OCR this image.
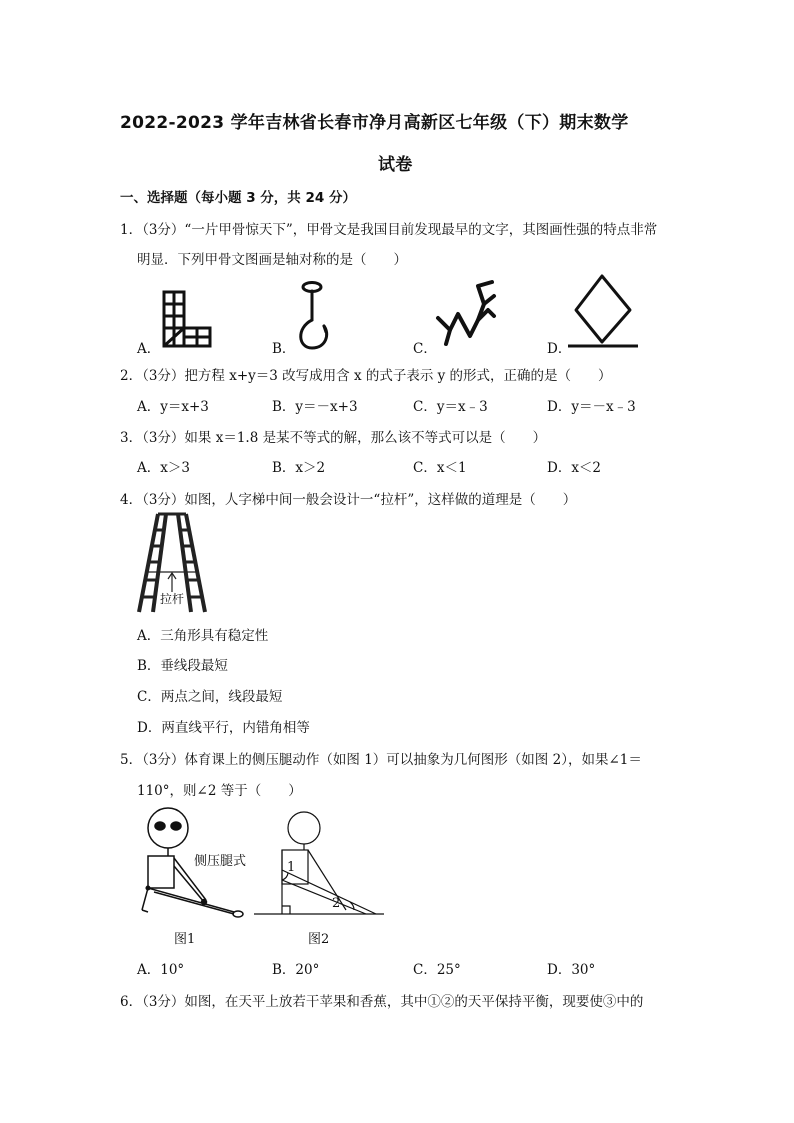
2022-2023 学年吉林省长春市净月高新区七年级（下）期末数学
试卷
一、选择题（每小题 3 分，共 24 分）
1．（3分）“一片甲骨惊天下”，甲骨文是我国目前发现最早的文字，其图画性强的特点非常
明显．下列甲骨文图画是轴对称的是（　　）
A．	B．	C．	D．
2．（3分）把方程 x+y＝3 改写成用含 x 的式子表示 y 的形式，正确的是（　　）
A．y＝x+3	B．y＝－x+3	C．y＝x﹣3	D．y＝－x﹣3
3．（3分）如果 x＝1.8 是某不等式的解，那么该不等式可以是（　　）
A．x＞3	B．x＞2	C．x＜1	D．x＜2
4．（3分）如图，人字梯中间一般会设计一“拉杆”，这样做的道理是（　　）
拉杆
A．三角形具有稳定性
B．垂线段最短
C．两点之间，线段最短
D．两直线平行，内错角相等
5．（3分）体育课上的侧压腿动作（如图 1）可以抽象为几何图形（如图 2），如果∠1＝
110°，则∠2 等于（　　）
侧压腿式
图1
1
2
图2
A．10°	B．20°	C．25°	D．30°
6．（3分）如图，在天平上放若干苹果和香蕉，其中①②的天平保持平衡，现要使③中的
